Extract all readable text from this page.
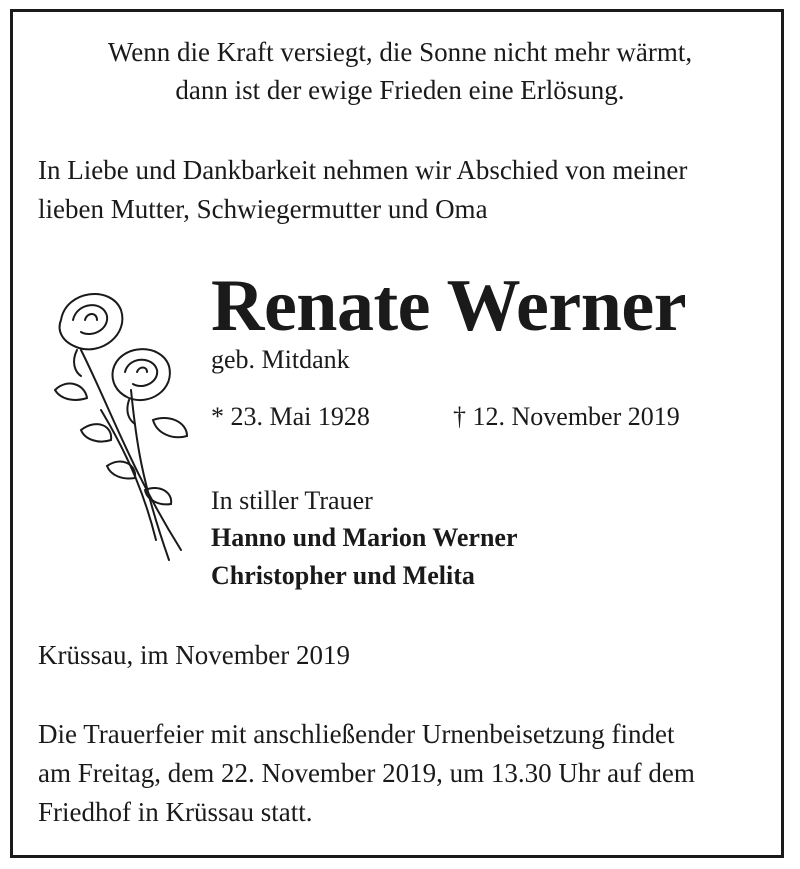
Wenn die Kraft versiegt, die Sonne nicht mehr wärmt,

dann ist der ewige Frieden eine Erlösung.

In Liebe und Dankbarkeit nehmen wir Abschied von meiner

lieben Mutter, Schwiegermutter und Oma

Renate Werner

geb. Mitdank

* 23. Mai 1928	† 12. November 2019

In stiller Trauer

Hanno und Marion Werner

Christopher und Melita

Krüssau, im November 2019

Die Trauerfeier mit anschließender Urnenbeisetzung findet

am Freitag, dem 22. November 2019, um 13.30 Uhr auf dem

Friedhof in Krüssau statt.
